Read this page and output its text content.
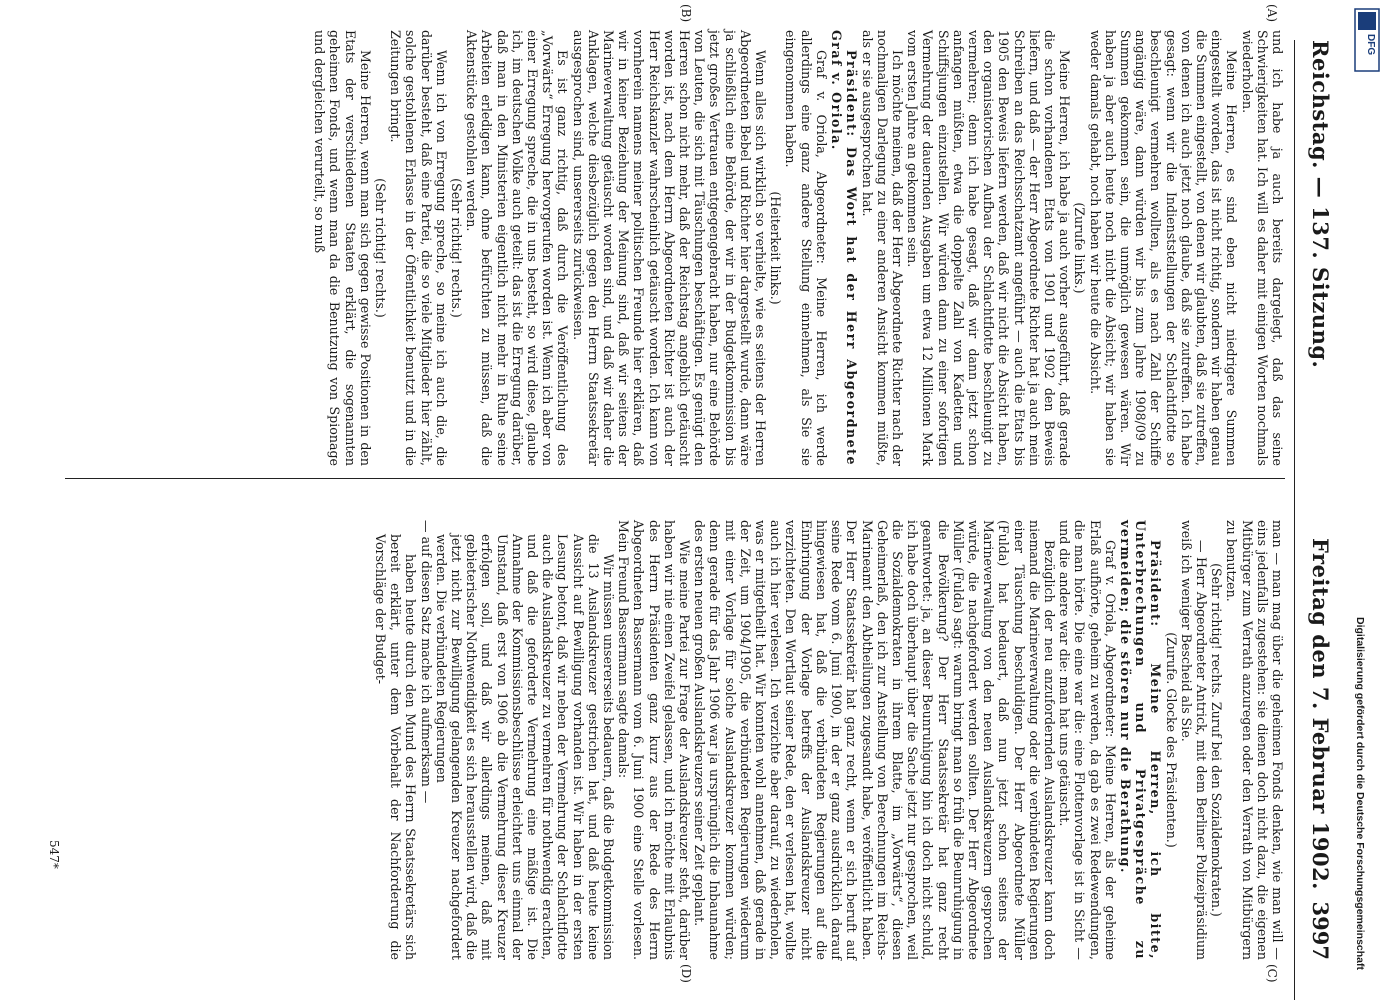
Reichstag. — 137. Sitzung.
Freitag den 7. Februar 1902.
3997
(A)
(B)
(C)
(D)

und ich habe ja auch bereits dargelegt, daß das seine Schwierigkeiten hat. Ich will es daher mit einigen Worten nochmals wiederholen.

Meine Herren, es sind eben nicht niedrigere Summen eingestellt worden, das ist nicht richtig, sondern wir haben genau die Summen eingestellt, von denen wir glaubten, daß sie zutreffen, von denen ich auch jetzt noch glaube, daß sie zutreffen. Ich habe gesagt: wenn wir die Indienststellungen der Schlachtflotte so beschleunigt vermehren wollten, als es nach Zahl der Schiffe angängig wäre, dann würden wir bis zum Jahre 1908/09 zu Summen gekommen sein, die unmöglich gewesen wären. Wir haben ja aber auch heute noch nicht die Absicht; wir haben sie weder damals gehabt, noch haben wir heute die Absicht.

(Zurufe links.)

Meine Herren, ich habe ja auch vorher ausgeführt, daß gerade die schon vorhandenen Etats von 1901 und 1902 den Beweis liefern, und daß — der Herr Abgeordnete Richter hat ja auch mein Schreiben an das Reichsschatzamt angeführt — auch die Etats bis 1905 den Beweis liefern werden, daß wir nicht die Absicht haben, den organisatorischen Aufbau der Schlachtflotte beschleunigt zu vermehren; denn ich habe gesagt, daß wir dann jetzt schon anfangen müßten, etwa die doppelte Zahl von Kadetten und Schiffsjungen einzustellen. Wir würden dann zu einer sofortigen Vermehrung der dauernden Ausgaben um etwa 12 Millionen Mark vom ersten Jahre an gekommen sein.

Ich möchte meinen, daß der Herr Abgeordnete Richter nach der nochmaligen Darlegung zu einer anderen Ansicht kommen müßte, als er sie ausgesprochen hat.

Präsident: Das Wort hat der Herr Abgeordnete Graf v. Oriola.

Graf v. Oriola, Abgeordneter: Meine Herren, ich werde allerdings eine ganz andere Stellung einnehmen, als Sie sie eingenommen haben.

(Heiterkeit links.)

Wenn alles sich wirklich so verhielte, wie es seitens der Herren Abgeordneten Bebel und Richter hier dargestellt wurde, dann wäre ja schließlich eine Behörde, der wir in der Budgetkommission bis jetzt großes Vertrauen entgegengebracht haben, nur eine Behörde von Leuten, die sich mit Täuschungen beschäftigen. Es genügt den Herren schon nicht mehr, daß der Reichstag angeblich getäuscht worden ist, nach dem Herrn Abgeordneten Richter ist auch der Herr Reichskanzler wahrscheinlich getäuscht worden. Ich kann von vornherein namens meiner politischen Freunde hier erklären, daß wir in keiner Beziehung der Meinung sind, daß wir seitens der Marineverwaltung getäuscht worden sind, und daß wir daher die Anklagen, welche diesbezüglich gegen den Herrn Staatssekretär ausgesprochen sind, unsererseits zurückweisen.

Es ist ganz richtig, daß durch die Veröffentlichung des „Vorwärts“ Erregung hervorgerufen worden ist. Wenn ich aber von einer Erregung spreche, die in uns besteht, so wird diese, glaube ich, im deutschen Volke auch geteilt: das ist die Erregung darüber, daß man in den Ministerien eigentlich nicht mehr in Ruhe seine Arbeiten erledigen kann, ohne befürchten zu müssen, daß die Aktenstücke gestohlen werden.

(Sehr richtig! rechts.)

Wenn ich von Erregung spreche, so meine ich auch die, die darüber besteht, daß eine Partei, die so viele Mitglieder hier zählt, solche gestohlenen Erlasse in der Öffentlichkeit benutzt und in die Zeitungen bringt.

(Sehr richtig! rechts.)

Meine Herren, wenn man sich gegen gewisse Positionen in den Etats der verschiedenen Staaten erklärt, die sogenannten geheimen Fonds, und wenn man da die Benutzung von Spionage und dergleichen verurteilt, so muß

man — man mag über die geheimen Fonds denken, wie man will — eins jedenfalls zugestehen: sie dienen doch nicht dazu, die eigenen Mitbürger zum Verrath anzuregen oder den Verrath von Mitbürgern zu benutzen.

(Sehr richtig! rechts. Zuruf bei den Sozialdemokraten.)

— Herr Abgeordneter Antrick, mit dem Berliner Polizeipräsidium weiß ich weniger Bescheid als Sie.

(Zurufe. Glocke des Präsidenten.)

Präsident: Meine Herren, ich bitte, Unterbrechungen und Privatgespräche zu vermeiden; die stören nur die Berathung.

Graf v. Oriola, Abgeordneter: Meine Herren, als der geheime Erlaß aufhörte, geheim zu werden, da gab es zwei Redewendungen, die man hörte. Die eine war die: eine Flottenvorlage ist in Sicht — und die andere war die: man hat uns getäuscht.

Bezüglich der neu anzufordernden Auslandskreuzer kann doch niemand die Marineverwaltung oder die verbündeten Regierungen einer Täuschung beschuldigen. Der Herr Abgeordnete Müller (Fulda) hat bedauert, daß nun jetzt schon seitens der Marineverwaltung von den neuen Auslandskreuzern gesprochen würde, die nachgefordert werden sollten. Der Herr Abgeordnete Müller (Fulda) sagt: warum bringt man so früh die Beunruhigung in die Bevölkerung? Der Herr Staatssekretär hat ganz recht geantwortet: ja, an dieser Beunruhigung bin ich doch nicht schuld, ich habe doch überhaupt über die Sache jetzt nur gesprochen, weil die Sozialdemokraten in ihrem Blatte, im „Vorwärts“, diesen Geheimerlaß, den ich zur Anstellung von Berechnungen im Reichs-Marineamt den Abtheilungen zugesandt habe, veröffentlicht haben. Der Herr Staatssekretär hat ganz recht, wenn er sich beruft auf seine Rede vom 6. Juni 1900, in der er ganz ausdrücklich darauf hingewiesen hat, daß die verbündeten Regierungen auf die Einbringung der Vorlage betreffs der Auslandskreuzer nicht verzichteten. Den Wortlaut seiner Rede, den er verlesen hat, wollte auch ich hier verlesen. Ich verzichte aber darauf, zu wiederholen, was er mitgetheilt hat. Wir konnten wohl annehmen, daß gerade in der Zeit, um 1904/1905, die verbündeten Regierungen wiederum mit einer Vorlage für solche Auslandskreuzer kommen würden; denn gerade für das Jahr 1906 war ja ursprünglich die Inbaunahme des ersten neuen großen Auslandskreuzers seiner Zeit geplant.

Wie meine Partei zur Frage der Auslandskreuzer steht, darüber haben wir nie einen Zweifel gelassen, und ich möchte mit Erlaubnis des Herrn Präsidenten ganz kurz aus der Rede des Herrn Abgeordneten Bassermann vom 6. Juni 1900 eine Stelle vorlesen. Mein Freund Bassermann sagte damals:

Wir müssen unsererseits bedauern, daß die Budgetkommission die 13 Auslandskreuzer gestrichen hat, und daß heute keine Aussicht auf Bewilligung vorhanden ist. Wir haben in der ersten Lesung betont, daß wir neben der Vermehrung der Schlachtflotte auch die Auslandskreuzer zu vermehren für nothwendig erachten, und daß die geforderte Vermehrung eine mäßige ist. Die Annahme der Kommissionsbeschlüsse erleichtert uns einmal der Umstand, daß erst von 1906 ab die Vermehrung dieser Kreuzer erfolgen soll, und daß wir allerdings meinen, daß mit gebieterischer Nothwendigkeit es sich herausstellen wird, daß die jetzt nicht zur Bewilligung gelangenden Kreuzer nachgefordert werden. Die verbündeten Regierungen

— auf diesen Satz mache ich aufmerksam —

haben heute durch den Mund des Herrn Staatssekretärs sich bereit erklärt, unter dem Vorbehalt der Nachforderung die Vorschläge der Budget-

547*
DFG
Digitalisierung gefördert durch die Deutsche Forschungsgemeinschaft
